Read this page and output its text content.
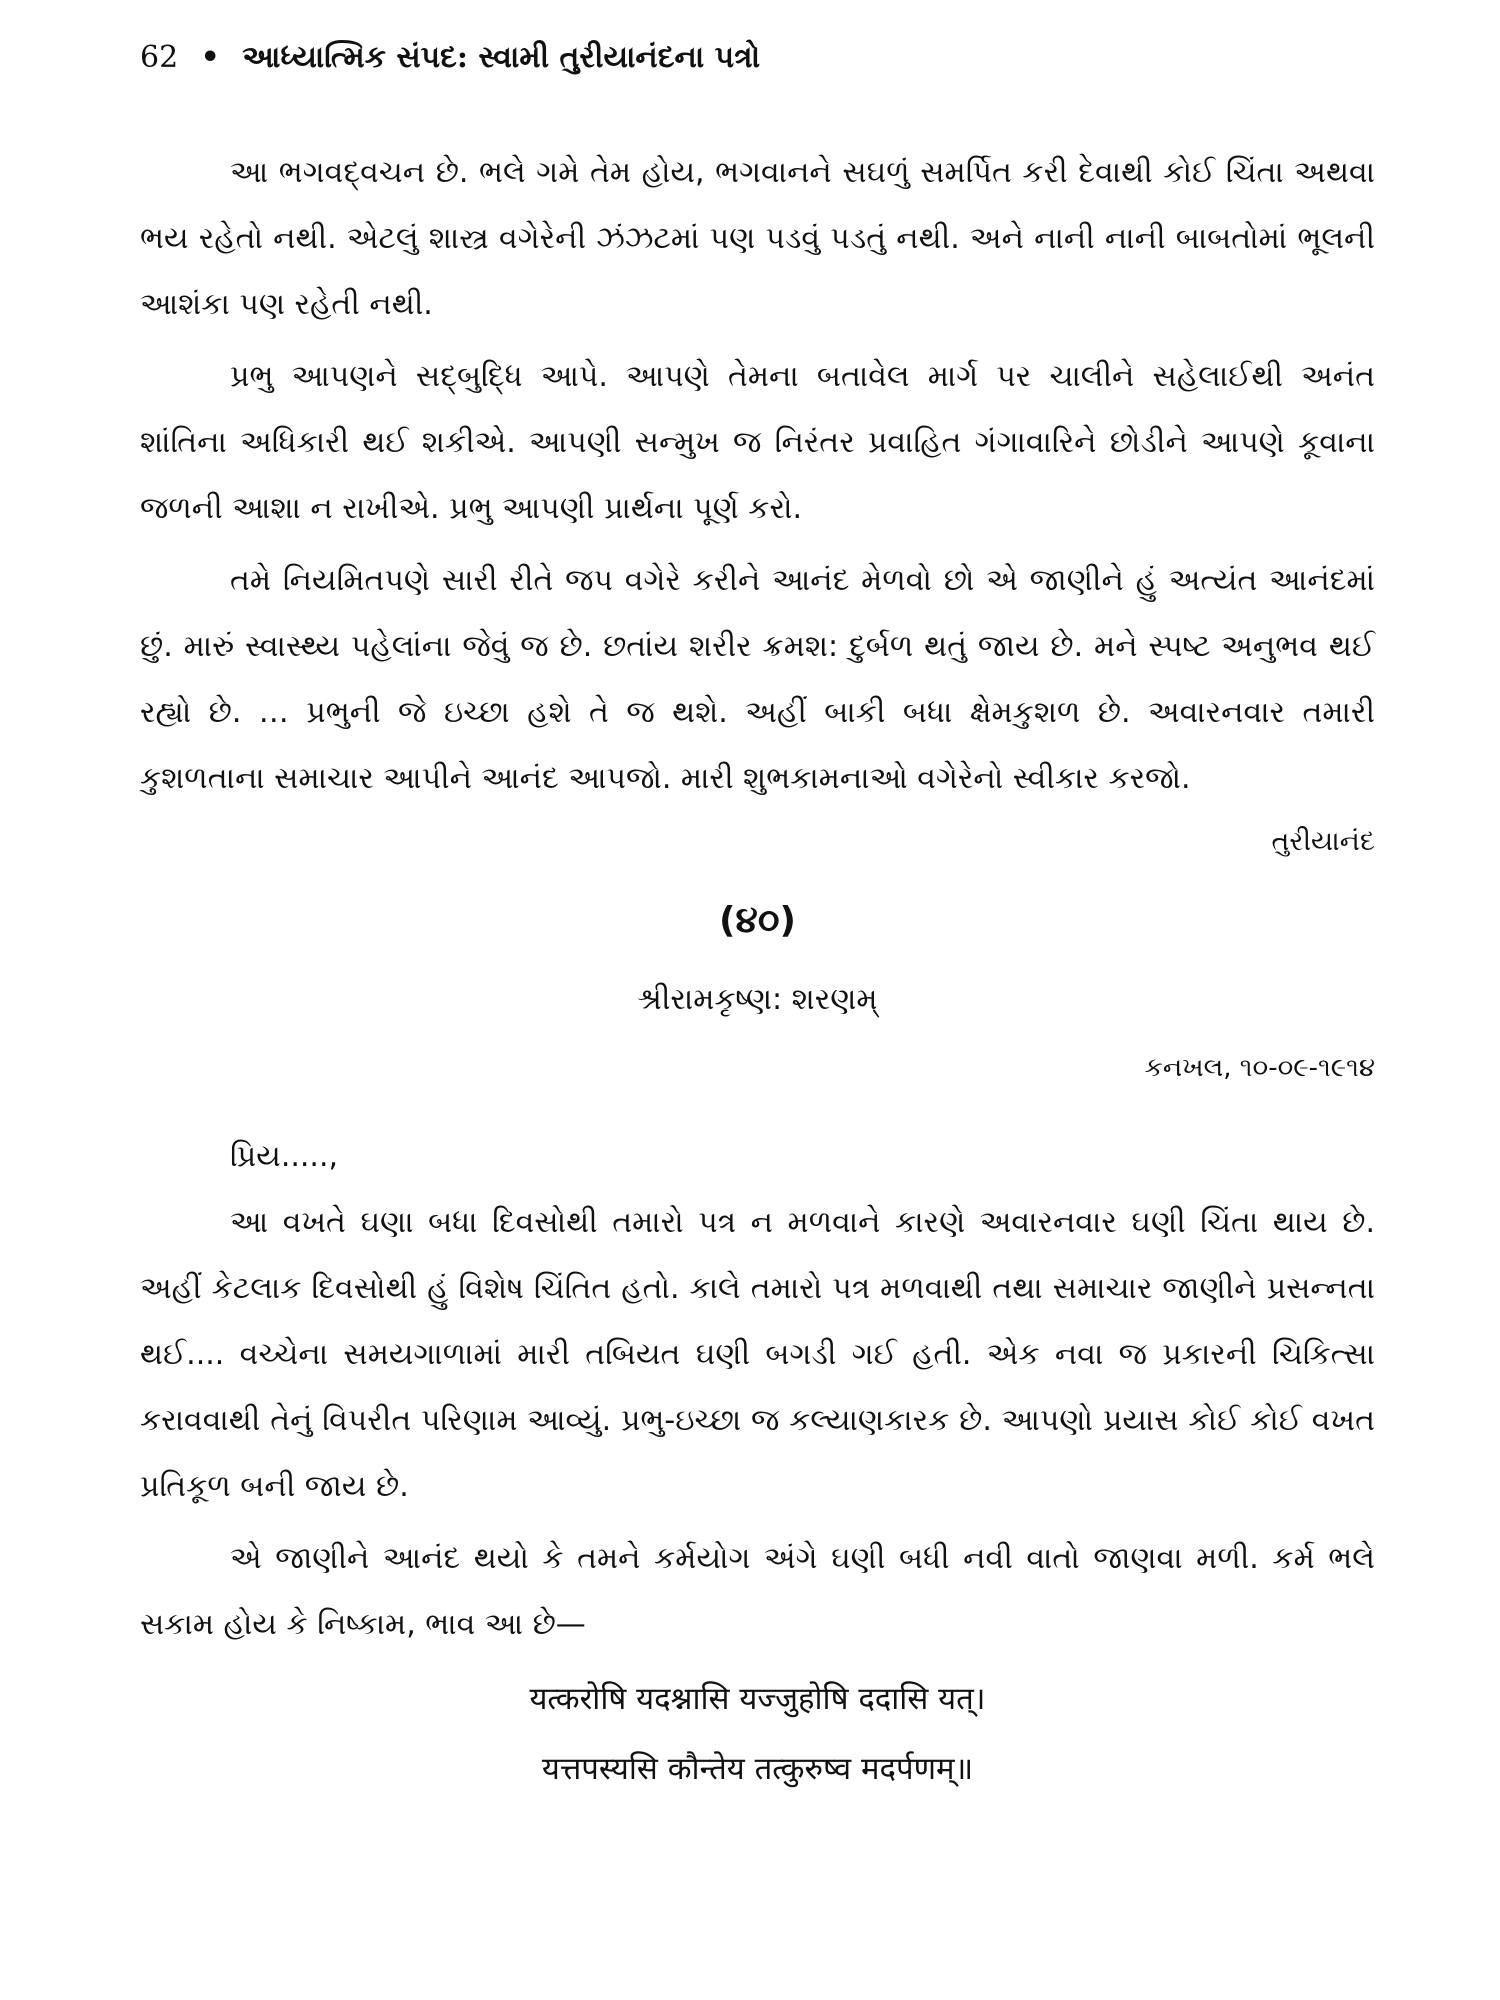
62 • આધ્યાત્મિક સંપદ: સ્વામી તુરીયાનંદના પત્રો

આ ભગવદ્‌વચન છે. ભલે ગમે તેમ હોય, ભગવાનને સઘળું સમર્પિત કરી દેવાથી કોઈ ચિંતા અથવા ભય રહેતો નથી. એટલું શાસ્ત્ર વગેરેની ઝંઝટમાં પણ પડવું પડતું નથી. અને નાની નાની બાબતોમાં ભૂલની આશંકા પણ રહેતી નથી.

પ્રભુ આપણને સદ્‌બુદ્ધિ આપે. આપણે તેમના બતાવેલ માર્ગ પર ચાલીને સહેલાઈથી અનંત શાંતિના અધિકારી થઈ શકીએ. આપણી સન્મુખ જ નિરંતર પ્રવાહિત ગંગાવારિને છોડીને આપણે કૂવાના જળની આશા ન રાખીએ. પ્રભુ આપણી પ્રાર્થના પૂર્ણ કરો.

તમે નિયમિતપણે સારી રીતે જપ વગેરે કરીને આનંદ મેળવો છો એ જાણીને હું અત્યંત આનંદમાં છું. મારું સ્વાસ્થ્ય પહેલાંના જેવું જ છે. છતાંય શરીર ક્રમશ: દુર્બળ થતું જાય છે. મને સ્પષ્ટ અનુભવ થઈ રહ્યો છે. … પ્રભુની જે ઇચ્છા હશે તે જ થશે. અહીં બાકી બધા ક્ષેમકુશળ છે. અવારનવાર તમારી કુશળતાના સમાચાર આપીને આનંદ આપજો. મારી શુભકામનાઓ વગેરેનો સ્વીકાર કરજો.

તુરીયાનંદ
(૪૦)
શ્રીરામકૃષ્ણ: શરણમ્‌
કનખલ, ૧૦-૦૯-૧૯૧૪
પ્રિય.....,

આ વખતે ઘણા બધા દિવસોથી તમારો પત્ર ન મળવાને કારણે અવારનવાર ઘણી ચિંતા થાય છે. અહીં કેટલાક દિવસોથી હું વિશેષ ચિંતિત હતો. કાલે તમારો પત્ર મળવાથી તથા સમાચાર જાણીને પ્રસન્નતા થઈ.... વચ્ચેના સમયગાળામાં મારી તબિયત ઘણી બગડી ગઈ હતી. એક નવા જ પ્રકારની ચિકિત્સા કરાવવાથી તેનું વિપરીત પરિણામ આવ્યું. પ્રભુ-ઇચ્છા જ કલ્યાણકારક છે. આપણો પ્રયાસ કોઈ કોઈ વખત પ્રતિકૂળ બની જાય છે.

એ જાણીને આનંદ થયો કે તમને કર્મયોગ અંગે ઘણી બધી નવી વાતો જાણવા મળી. કર્મ ભલે સકામ હોય કે નિષ્કામ, ભાવ આ છે—

यत्करोषि यदश्नासि यज्जुहोषि ददासि यत्।
यत्तपस्यसि कौन्तेय तत्कुरुष्व मदर्पणम्॥
